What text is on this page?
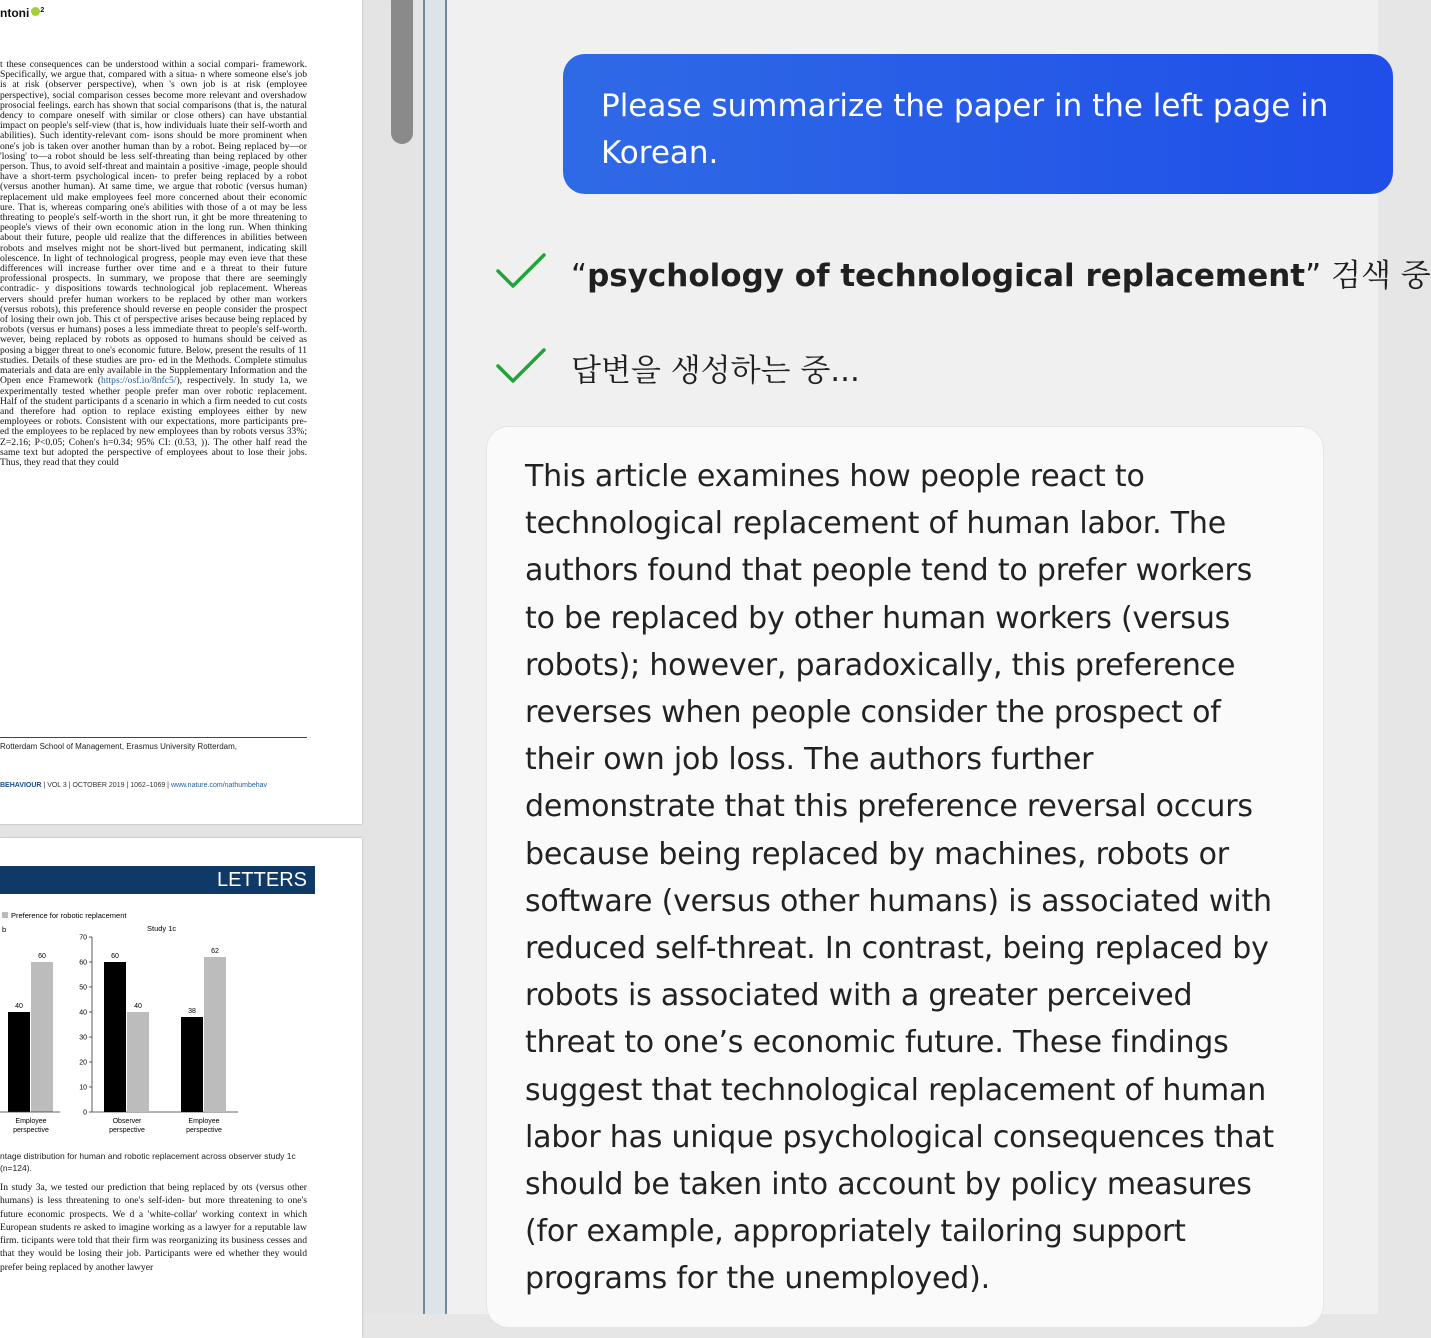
ntoni $^2$
t these consequences can be understood within a social compari- framework. Specifically, we argue that, compared with a situa- n where someone else's job is at risk (observer perspective), when 's own job is at risk (employee perspective), social comparison cesses become more relevant and overshadow prosocial feelings. earch has shown that social comparisons (that is, the natural dency to compare oneself with similar or close others) can have ubstantial impact on people's self-view (that is, how individuals luate their self-worth and abilities). Such identity-relevant com- isons should be more prominent when one's job is taken over another human than by a robot. Being replaced by—or 'losing' to—a robot should be less self-threating than being replaced by other person. Thus, to avoid self-threat and maintain a positive -image, people should have a short-term psychological incen- to prefer being replaced by a robot (versus another human). At same time, we argue that robotic (versus human) replacement uld make employees feel more concerned about their economic ure. That is, whereas comparing one's abilities with those of a ot may be less threating to people's self-worth in the short run, it ght be more threatening to people's views of their own economic ation in the long run. When thinking about their future, people uld realize that the differences in abilities between robots and mselves might not be short-lived but permanent, indicating skill olescence. In light of technological progress, people may even ieve that these differences will increase further over time and e a threat to their future professional prospects. In summary, we propose that there are seemingly contradic- y dispositions towards technological job replacement. Whereas ervers should prefer human workers to be replaced by other man workers (versus robots), this preference should reverse en people consider the prospect of losing their own job. This ct of perspective arises because being replaced by robots (versus er humans) poses a less immediate threat to people's self-worth. wever, being replaced by robots as opposed to humans should be ceived as posing a bigger threat to one's economic future. Below, present the results of 11 studies. Details of these studies are pro- ed in the Methods. Complete stimulus materials and data are enly available in the Supplementary Information and the Open ence Framework (https://osf.io/8nfc5/), respectively. In study 1a, we experimentally tested whether people prefer man over robotic replacement. Half of the student participants d a scenario in which a firm needed to cut costs and therefore had option to replace existing employees either by new employees or robots. Consistent with our expectations, more participants pre- ed the employees to be replaced by new employees than by robots versus 33%; Z=2.16; P<0.05; Cohen's h=0.34; 95% CI: (0.53, )). The other half read the same text but adopted the perspective of employees about to lose their jobs. Thus, they read that they could
Rotterdam School of Management, Erasmus University Rotterdam,
BEHAVIOUR | VOL 3 | OCTOBER 2019 | 1062–1069 | www.nature.com/nathumbehav
LETTERS
Preference for robotic replacement
b	Study 1c
0
10
20
30
40
50
60
70
40
60
Employee
perspective
60
40
Observer
perspective
38
62
Employee
perspective
ntage distribution for human and robotic replacement across observer study 1c (n=124).
In study 3a, we tested our prediction that being replaced by ots (versus other humans) is less threatening to one's self-iden- but more threatening to one's future economic prospects. We d a 'white-collar' working context in which European students re asked to imagine working as a lawyer for a reputable law firm. ticipants were told that their firm was reorganizing its business cesses and that they would be losing their job. Participants were ed whether they would prefer being replaced by another lawyer
Please summarize the paper in the left page in Korean.
“psychology of technological replacement” 검색 중
답변을 생성하는 중...
This article examines how people react to technological replacement of human labor. The authors found that people tend to prefer workers to be replaced by other human workers (versus robots); however, paradoxically, this preference reverses when people consider the prospect of their own job loss. The authors further demonstrate that this preference reversal occurs because being replaced by machines, robots or software (versus other humans) is associated with reduced self-threat. In contrast, being replaced by robots is associated with a greater perceived threat to one’s economic future. These findings suggest that technological replacement of human labor has unique psychological consequences that should be taken into account by policy measures (for example, appropriately tailoring support programs for the unemployed).
